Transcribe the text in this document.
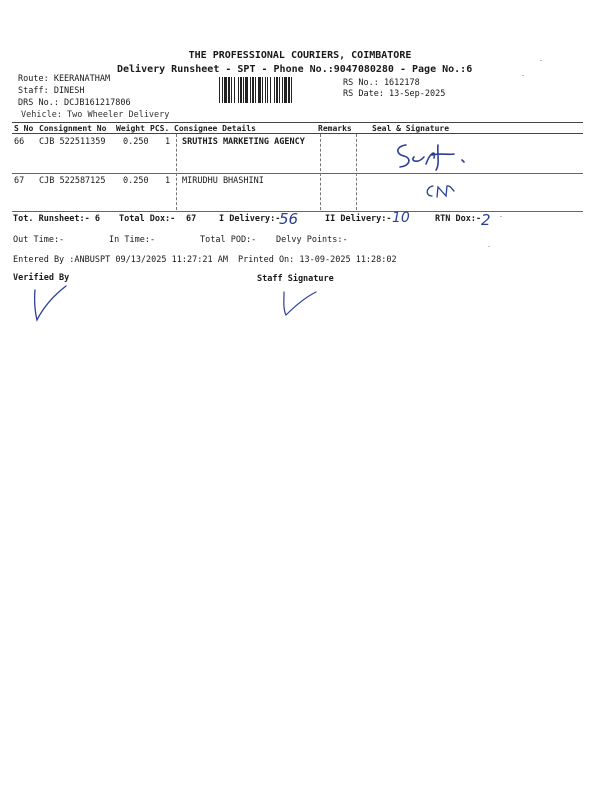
THE PROFESSIONAL COURIERS, COIMBATORE
Delivery Runsheet - SPT - Phone No.:9047080280 - Page No.:6
Route: KEERANATHAM
Staff: DINESH
DRS No.: DCJB161217806
Vehicle: Two Wheeler Delivery
RS No.: 1612178
RS Date: 13-Sep-2025
S No Consignment No Weight PCS. Consignee Details	Remarks	Seal & Signature
66 CJB 522511359 0.250 1 SRUTHIS MARKETING AGENCY
67 CJB 522587125 0.250 1 MIRUDHU BHASHINI
Tot. Runsheet:- 6 Total Dox:- 67	I Delivery:-
56	II Delivery:- 10	RTN Dox:- 2
Out Time:-	In Time:-	Total POD:- Delvy Points:-
Entered By :ANBUSPT 09/13/2025 11:27:21 AM Printed On: 13-09-2025 11:28:02
Verified By	Staff Signature
